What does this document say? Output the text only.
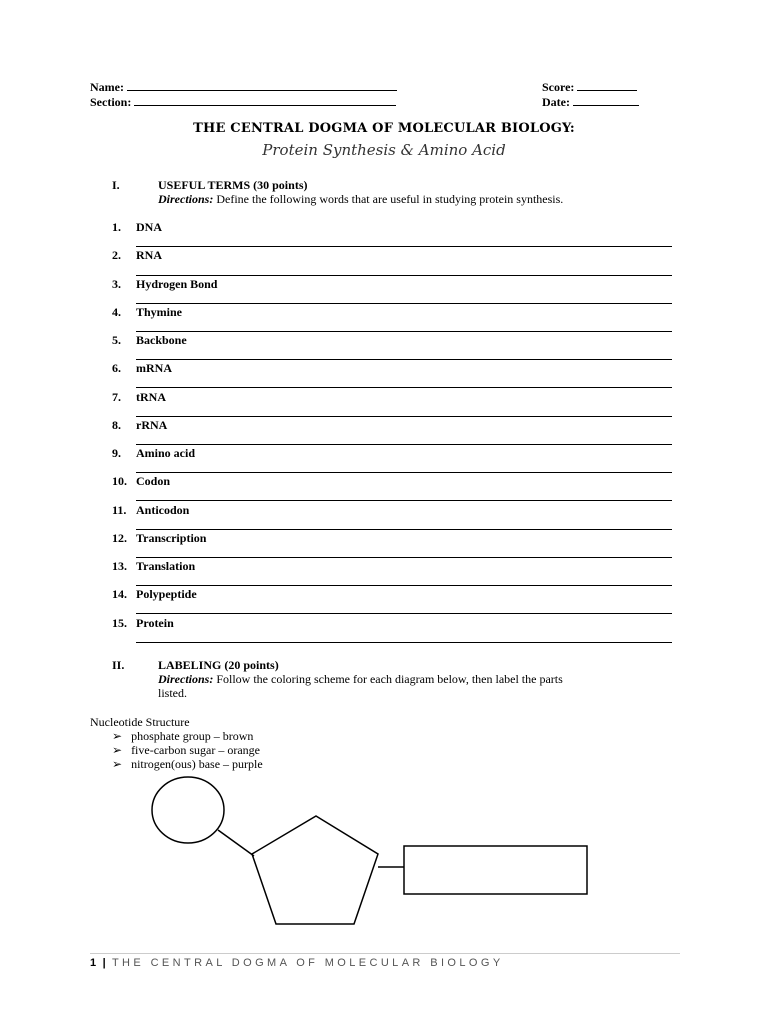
Name:
Section:
Score:
Date:
THE CENTRAL DOGMA OF MOLECULAR BIOLOGY:
Protein Synthesis & Amino Acid
I.	USEFUL TERMS (30 points)
Directions: Define the following words that are useful in studying protein synthesis.
1. DNA
2. RNA
3. Hydrogen Bond
4. Thymine
5. Backbone
6. mRNA
7. tRNA
8. rRNA
9. Amino acid
10. Codon
11. Anticodon
12. Transcription
13. Translation
14. Polypeptide
15. Protein
II.	LABELING (20 points)
Directions: Follow the coloring scheme for each diagram below, then label the parts
listed.
Nucleotide Structure
➢ phosphate group – brown
➢ five-carbon sugar – orange
➢ nitrogen(ous) base – purple
1 | THE CENTRAL DOGMA OF MOLECULAR BIOLOGY
